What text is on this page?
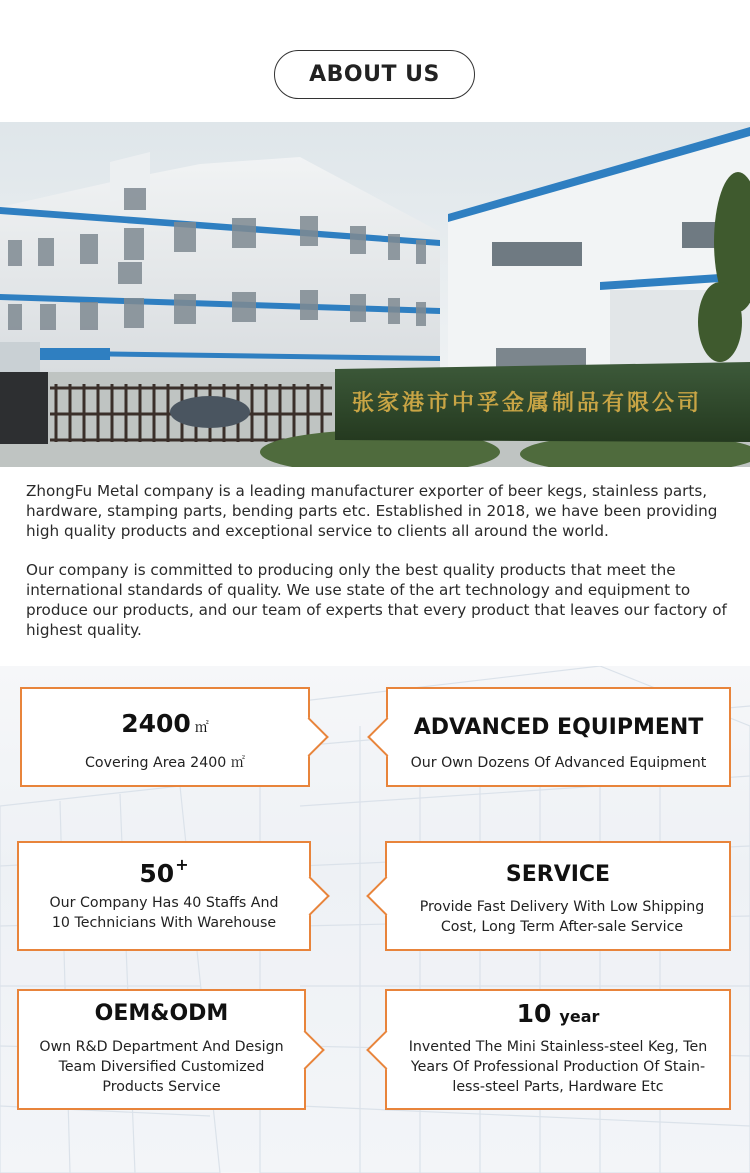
ABOUT US
张家港市中孚金属制品有限公司

ZhongFu Metal company is a leading manufacturer exporter of beer kegs, stainless parts, hardware, stamping parts, bending parts etc. Established in 2018, we have been providing high quality products and exceptional service to clients all around the world.

Our company is committed to producing only the best quality products that meet the international standards of quality. We use state of the art technology and equipment to produce our products, and our team of experts that every product that leaves our factory of highest quality.

2400 ㎡
Covering Area 2400 ㎡
ADVANCED EQUIPMENT
Our Own Dozens Of Advanced Equipment
50+
Our Company Has 40 Staffs And
10 Technicians With Warehouse
SERVICE
Provide Fast Delivery With Low Shipping
Cost, Long Term After-sale Service
OEM&ODM
Own R&D Department And Design
Team Diversified Customized
Products Service
10 year
Invented The Mini Stainless-steel Keg, Ten
Years Of Professional Production Of Stain-
less-steel Parts, Hardware Etc
